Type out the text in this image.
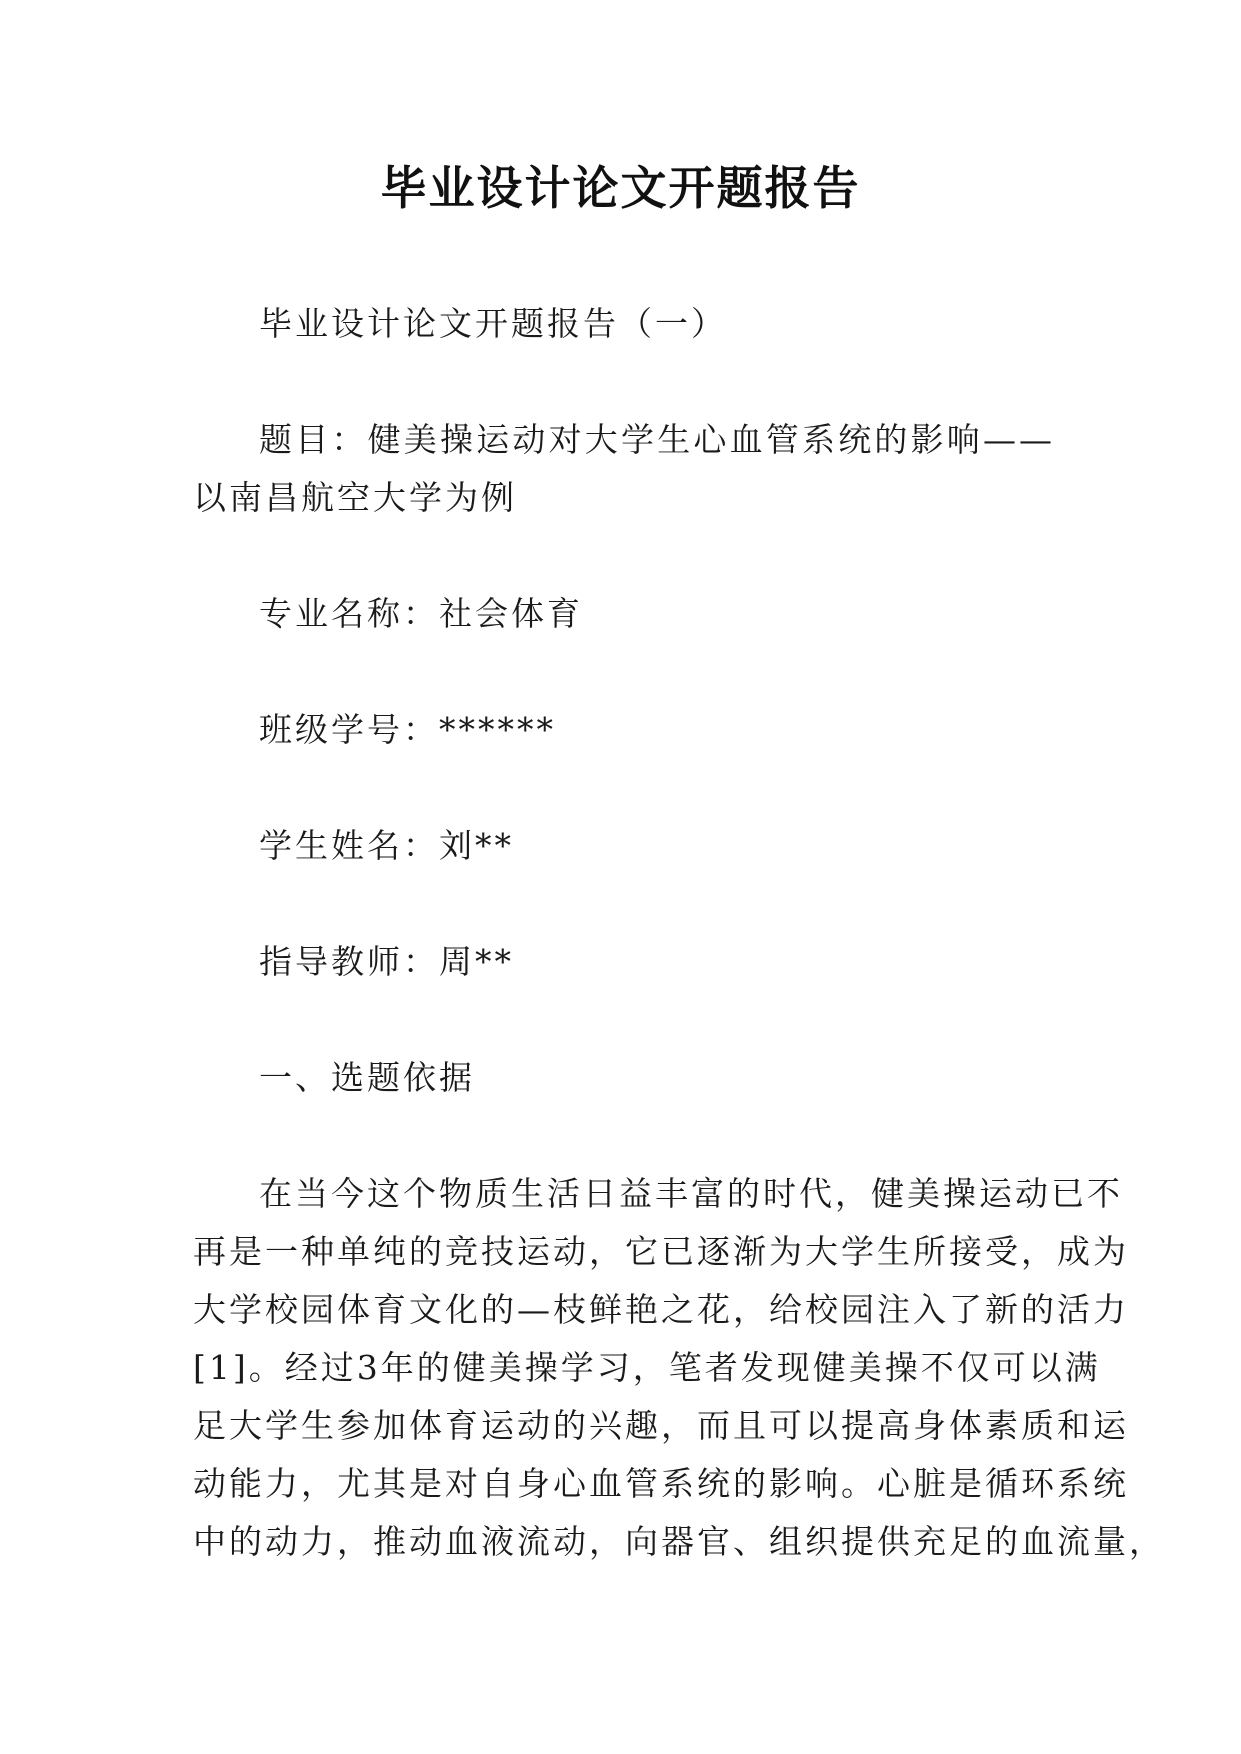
毕业设计论文开题报告
毕业设计论文开题报告（一）
题目：健美操运动对大学生心血管系统的影响——以南昌航空大学为例
专业名称：社会体育
班级学号：******
学生姓名：刘**
指导教师：周**
一、选题依据
在当今这个物质生活日益丰富的时代，健美操运动已不
再是一种单纯的竞技运动，它已逐渐为大学生所接受，成为
大学校园体育文化的—枝鲜艳之花，给校园注入了新的活力
[1]。经过3年的健美操学习，笔者发现健美操不仅可以满
足大学生参加体育运动的兴趣，而且可以提高身体素质和运
动能力，尤其是对自身心血管系统的影响。心脏是循环系统
中的动力，推动血液流动，向器官、组织提供充足的血流量，
